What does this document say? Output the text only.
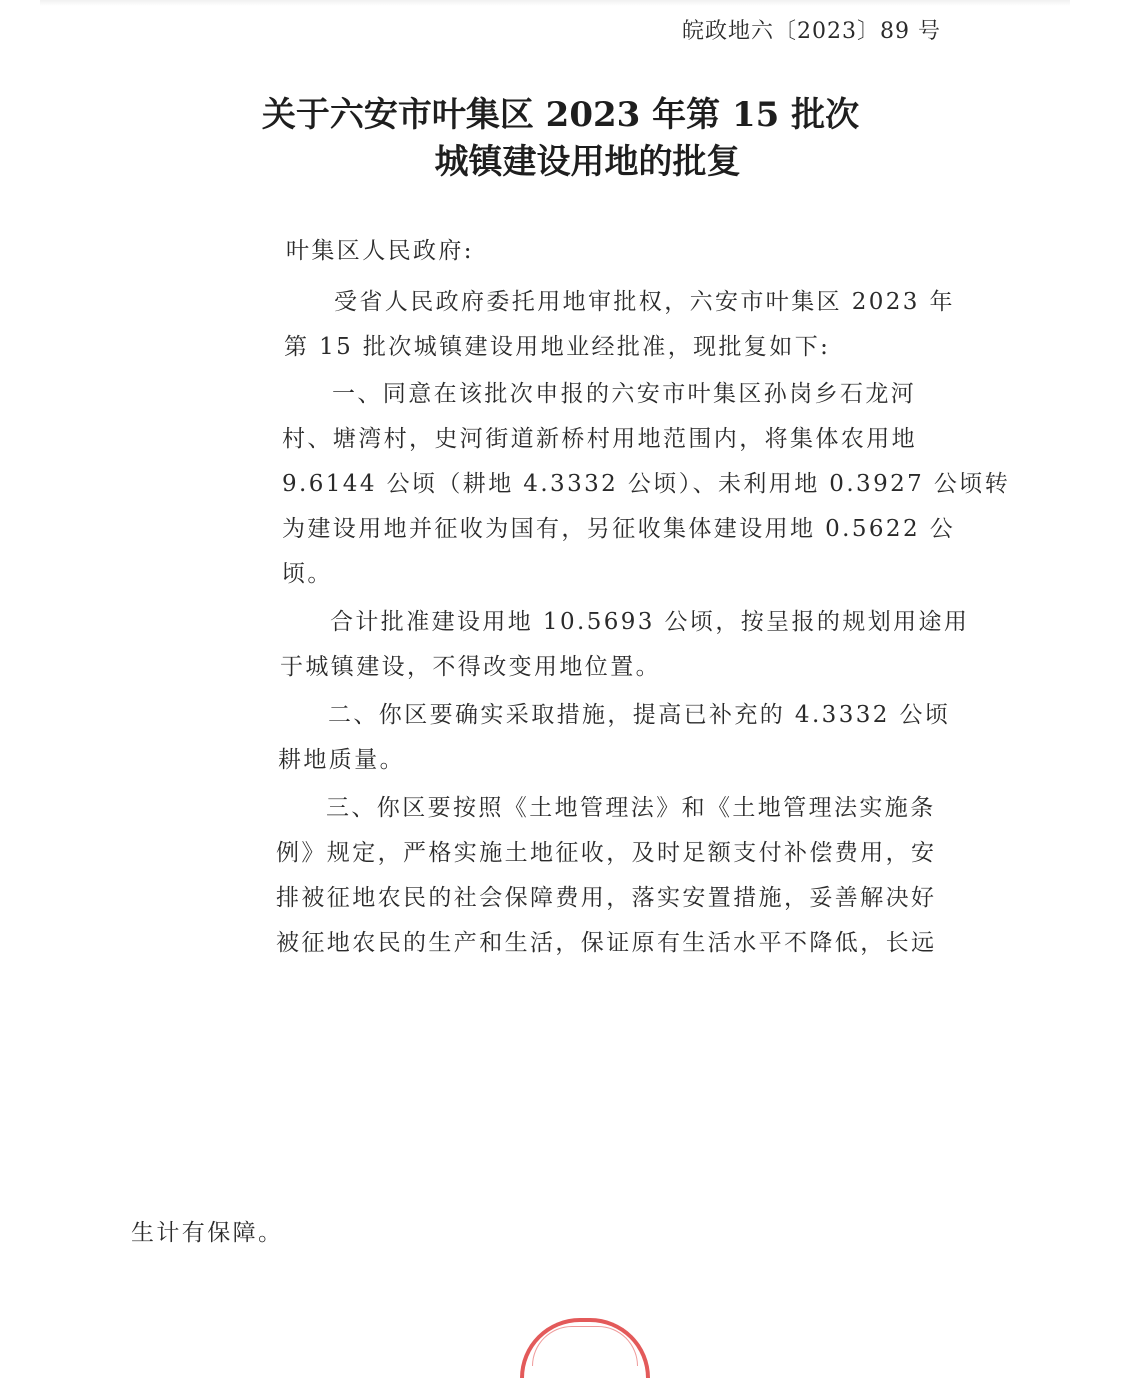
皖政地六〔2023〕89 号
关于六安市叶集区 2023 年第 15 批次
城镇建设用地的批复
叶集区人民政府:
受省人民政府委托用地审批权，六安市叶集区 2023 年
第 15 批次城镇建设用地业经批准，现批复如下:
一、同意在该批次申报的六安市叶集区孙岗乡石龙河
村、塘湾村，史河街道新桥村用地范围内，将集体农用地
9.6144 公顷（耕地 4.3332 公顷）、未利用地 0.3927 公顷转
为建设用地并征收为国有，另征收集体建设用地 0.5622 公
顷。
合计批准建设用地 10.5693 公顷，按呈报的规划用途用
于城镇建设，不得改变用地位置。
二、你区要确实采取措施，提高已补充的 4.3332 公顷
耕地质量。
三、你区要按照《土地管理法》和《土地管理法实施条
例》规定，严格实施土地征收，及时足额支付补偿费用，安
排被征地农民的社会保障费用，落实安置措施，妥善解决好
被征地农民的生产和生活，保证原有生活水平不降低，长远
生计有保障。
